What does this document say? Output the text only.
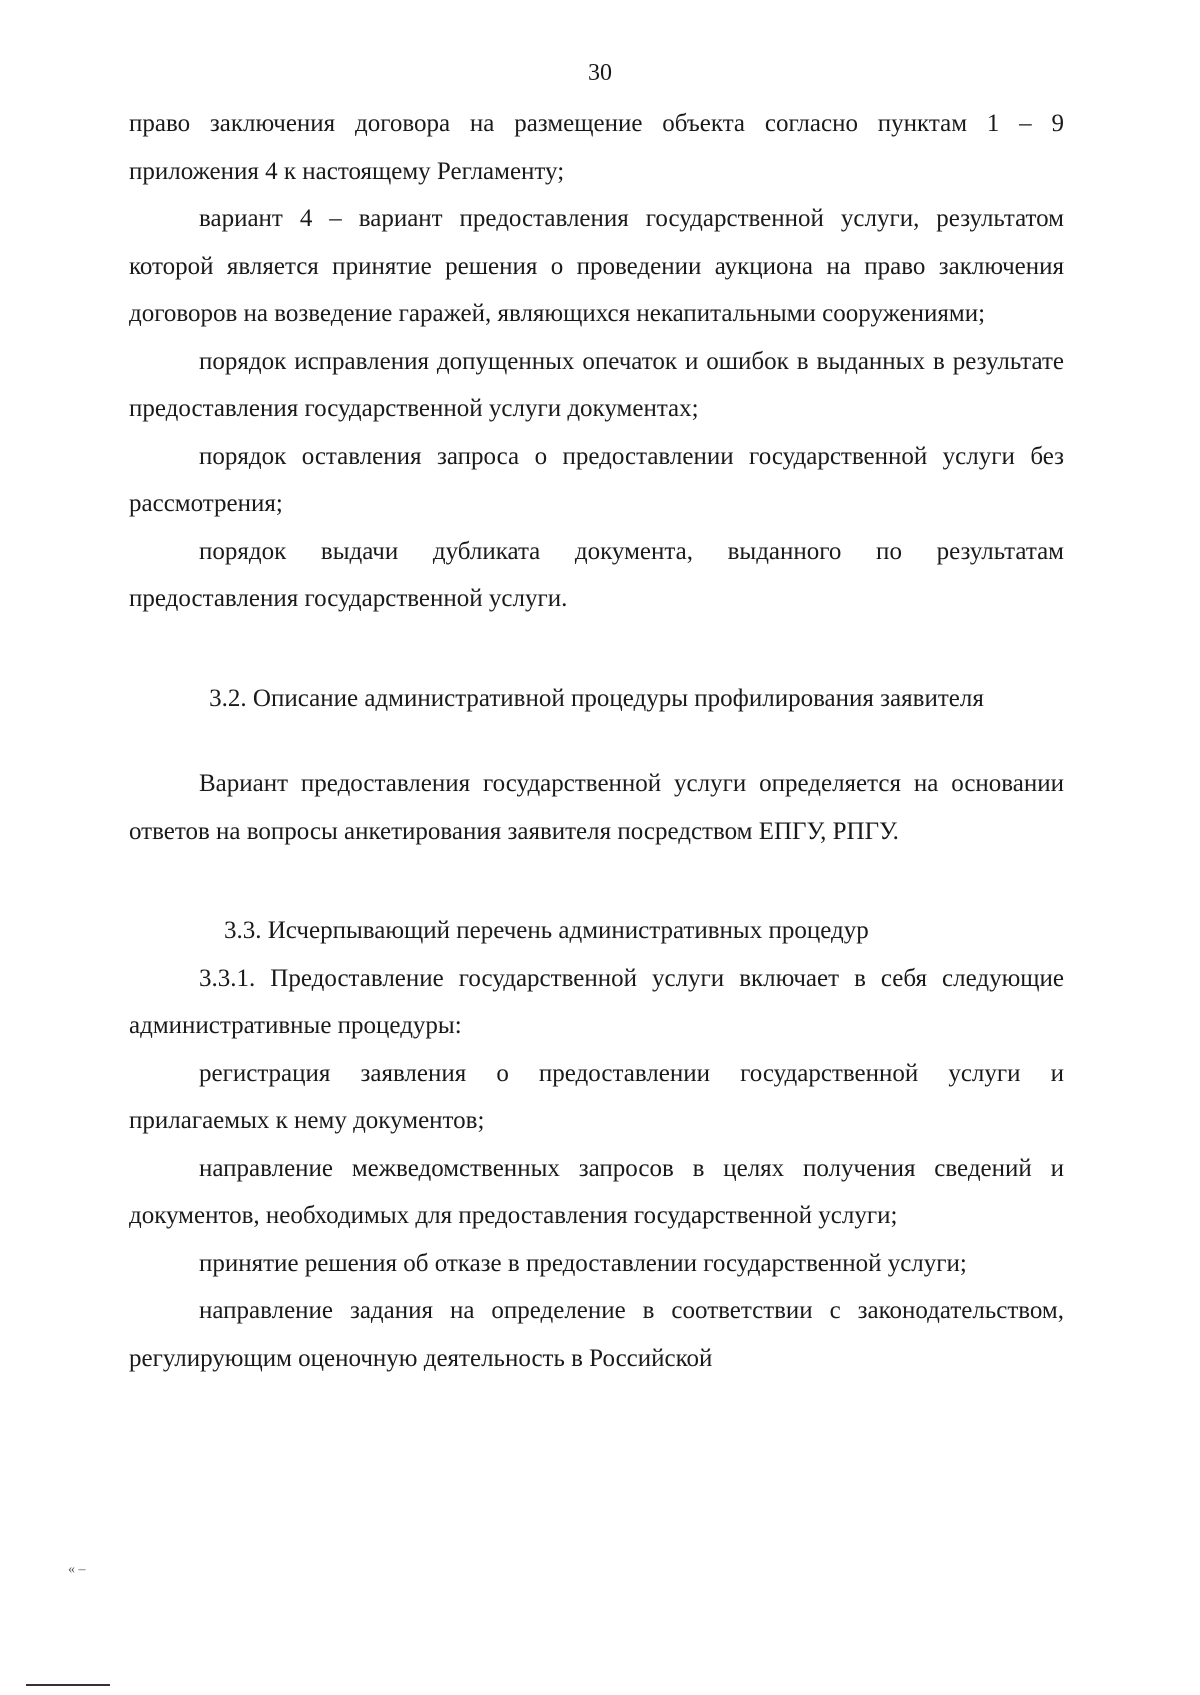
30

право заключения договора на размещение объекта согласно пунктам 1 – 9 приложения 4 к настоящему Регламенту;

вариант 4 – вариант предоставления государственной услуги, результатом которой является принятие решения о проведении аукциона на право заключения договоров на возведение гаражей, являющихся некапитальными сооружениями;

порядок исправления допущенных опечаток и ошибок в выданных в результате предоставления государственной услуги документах;

порядок оставления запроса о предоставлении государственной услуги без рассмотрения;

порядок выдачи дубликата документа, выданного по результатам предоставления государственной услуги.

3.2. Описание административной процедуры профилирования заявителя

Вариант предоставления государственной услуги определяется на основании ответов на вопросы анкетирования заявителя посредством ЕПГУ, РПГУ.

3.3. Исчерпывающий перечень административных процедур

3.3.1. Предоставление государственной услуги включает в себя следующие административные процедуры:

регистрация заявления о предоставлении государственной услуги и прилагаемых к нему документов;

направление межведомственных запросов в целях получения сведений и документов, необходимых для предоставления государственной услуги;

принятие решения об отказе в предоставлении государственной услуги;

направление задания на определение в соответствии с законодательством, регулирующим оценочную деятельность в Российской

« ‒
